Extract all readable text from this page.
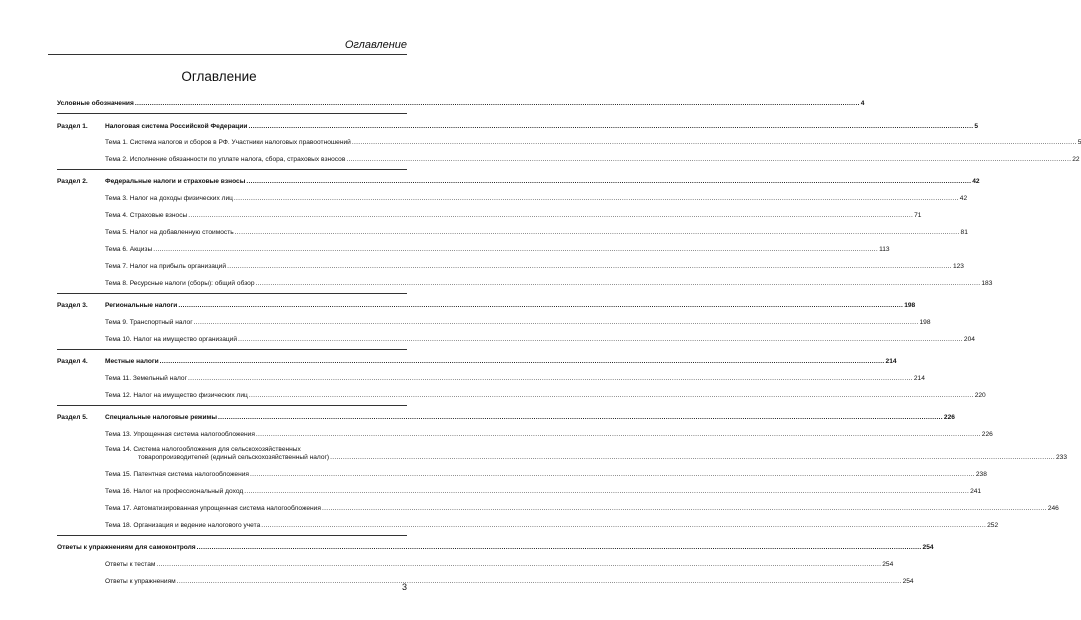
Оглавление
Оглавление
Условные обозначения .....	4
Раздел 1.	Налоговая система Российской Федерации .....	5
Тема 1. Система налогов и сборов в РФ. Участники налоговых правоотношений .....	5
Тема 2. Исполнение обязанности по уплате налога, сбора, страховых взносов .....	22
Раздел 2.	Федеральные налоги и страховые взносы .....	42
Тема 3. Налог на доходы физических лиц .....	42
Тема 4. Страховые взносы .....	71
Тема 5. Налог на добавленную стоимость .....	81
Тема 6. Акцизы .....	113
Тема 7. Налог на прибыль организаций .....	123
Тема 8. Ресурсные налоги (сборы): общий обзор .....	183
Раздел 3.	Региональные налоги .....	198
Тема 9. Транспортный налог .....	198
Тема 10. Налог на имущество организаций .....	204
Раздел 4.	Местные налоги .....	214
Тема 11. Земельный налог .....	214
Тема 12. Налог на имущество физических лиц .....	220
Раздел 5.	Специальные налоговые режимы .....	226
Тема 13. Упрощенная система налогообложения .....	226
Тема 14. Система налогообложения для сельскохозяйственных
товаропроизводителей (единый сельскохозяйственный налог) .....	233
Тема 15. Патентная система налогообложения .....	238
Тема 16. Налог на профессиональный доход .....	241
Тема 17. Автоматизированная упрощенная система налогообложения .....	246
Тема 18. Организация и ведение налогового учета .....	252
Ответы к упражнениям для самоконтроля .....	254
Ответы к тестам .....	254
Ответы к упражнениям .....	254
3
